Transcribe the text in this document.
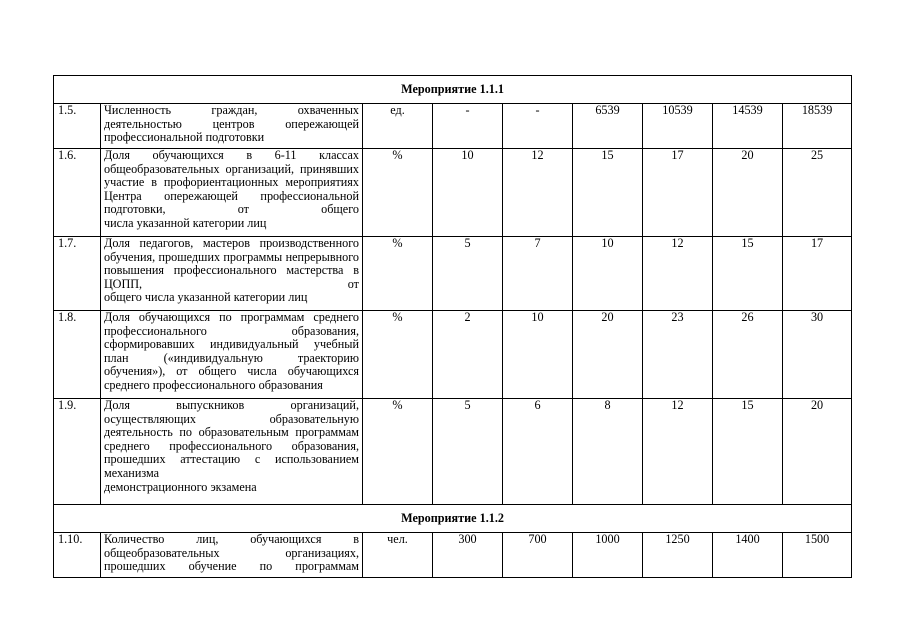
Мероприятие 1.1.1								
1.5.	Численность граждан, охваченных деятельностью центров опережающей
профессиональной подготовки	ед.	-	-	6539	10539	14539	18539
1.6.	Доля обучающихся в 6-11 классах общеобразовательных организаций, принявших участие в профориентационных мероприятиях Центра опережающей профессиональной подготовки, от общего
числа указанной категории лиц	%	10	12	15	17	20	25
1.7.	Доля педагогов, мастеров производственного обучения, прошедших программы непрерывного повышения профессионального мастерства в ЦОПП, от
общего числа указанной категории лиц	%	5	7	10	12	15	17
1.8.	Доля обучающихся по программам среднего профессионального образования, сформировавших индивидуальный учебный план («индивидуальную траекторию обучения»), от общего числа обучающихся
среднего профессионального образования	%	2	10	20	23	26	30
1.9.	Доля выпускников организаций, осуществляющих образовательную деятельность по образовательным программам среднего профессионального образования, прошедших аттестацию с использованием механизма
демонстрационного экзамена	%	5	6	8	12	15	20
Мероприятие 1.1.2								
1.10.	Количество лиц, обучающихся в общеобразовательных организациях, прошедших обучение по программам	чел.	300	700	1000	1250	1400	1500
